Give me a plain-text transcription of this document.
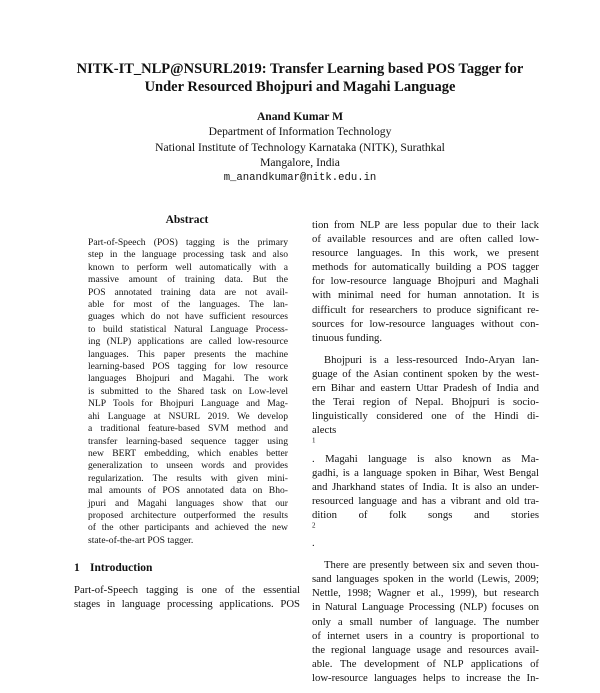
NITK-IT_NLP@NSURL2019: Transfer Learning based POS Tagger for
Under Resourced Bhojpuri and Magahi Language
Anand Kumar M
Department of Information Technology
National Institute of Technology Karnataka (NITK), Surathkal
Mangalore, India
m_anandkumar@nitk.edu.in
Abstract
Part-of-Speech (POS) tagging is the primary
step in the language processing task and also
known to perform well automatically with a
massive amount of training data. But the
POS annotated training data are not avail-
able for most of the languages. The lan-
guages which do not have sufficient resources
to build statistical Natural Language Process-
ing (NLP) applications are called low-resource
languages. This paper presents the machine
learning-based POS tagging for low resource
languages Bhojpuri and Magahi. The work
is submitted to the Shared task on Low-level
NLP Tools for Bhojpuri Language and Mag-
ahi Language at NSURL 2019. We develop
a traditional feature-based SVM method and
transfer learning-based sequence tagger using
new BERT embedding, which enables better
generalization to unseen words and provides
regularization. The results with given mini-
mal amounts of POS annotated data on Bho-
jpuri and Magahi languages show that our
proposed architecture outperformed the results
of the other participants and achieved the new
state-of-the-art POS tagger.
1 Introduction
Part-of-Speech tagging is one of the essential
stages in language processing applications. POS

tion from NLP are less popular due to their lack
of available resources and are often called low-
resource languages. In this work, we present
methods for automatically building a POS tagger
for low-resource language Bhojpuri and Maghali
with minimal need for human annotation. It is
difficult for researchers to produce significant re-
sources for low-resource languages without con-
tinuous funding.

Bhojpuri is a less-resourced Indo-Aryan lan-
guage of the Asian continent spoken by the west-
ern Bihar and eastern Uttar Pradesh of India and
the Terai region of Nepal. Bhojpuri is socio-
linguistically considered one of the Hindi di-
alects
$^1$
. Magahi language is also known as Ma-
gadhi, is a language spoken in Bihar, West Bengal
and Jharkhand states of India. It is also an under-
resourced language and has a vibrant and old tra-
dition of folk songs and stories
$^2$
.

There are presently between six and seven thou-
sand languages spoken in the world (Lewis, 2009;
Nettle, 1998; Wagner et al., 1999), but research
in Natural Language Processing (NLP) focuses on
only a small number of language. The number
of internet users in a country is proportional to
the regional language usage and resources avail-
able. The development of NLP applications of
low-resource languages helps to increase the In-
